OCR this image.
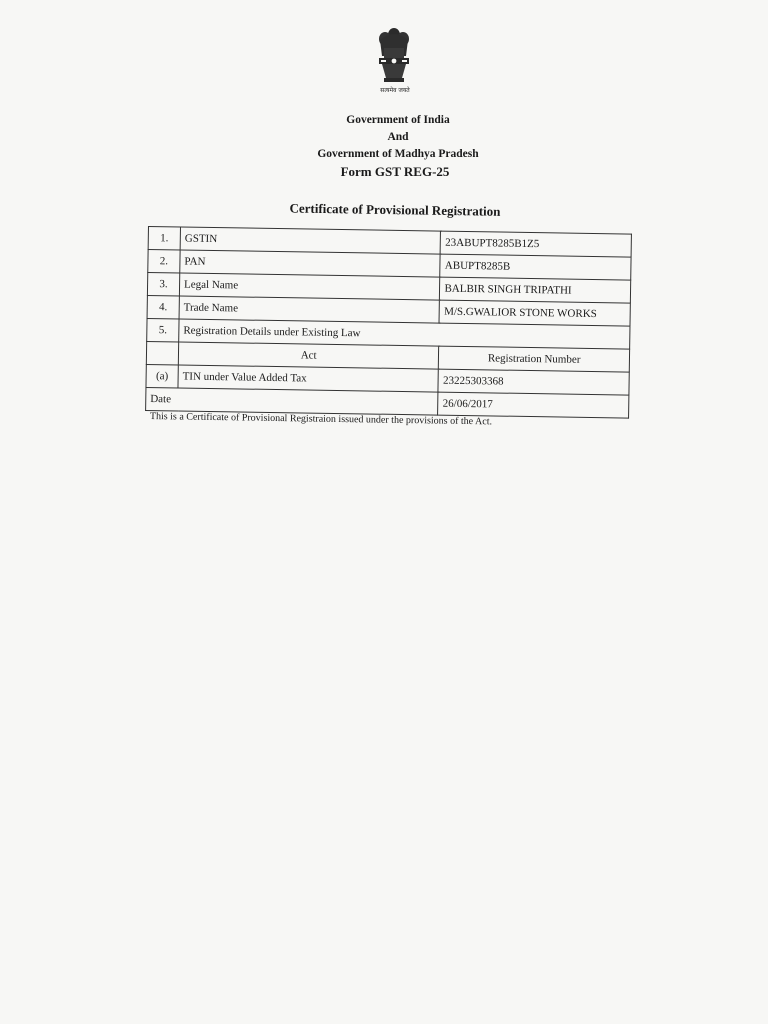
सत्यमेव जयते
Government of India
And
Government of Madhya Pradesh
Form GST REG-25
Certificate of Provisional Registration
1.	GSTIN	23ABUPT8285B1Z5
2.	PAN	ABUPT8285B
3.	Legal Name	BALBIR SINGH TRIPATHI
4.	Trade Name	M/S.GWALIOR STONE WORKS
5.	Registration Details under Existing Law	
	Act	Registration Number
(a)	TIN under Value Added Tax	23225303368
Date		26/06/2017
This is a Certificate of Provisional Registraion issued under the provisions of the Act.
